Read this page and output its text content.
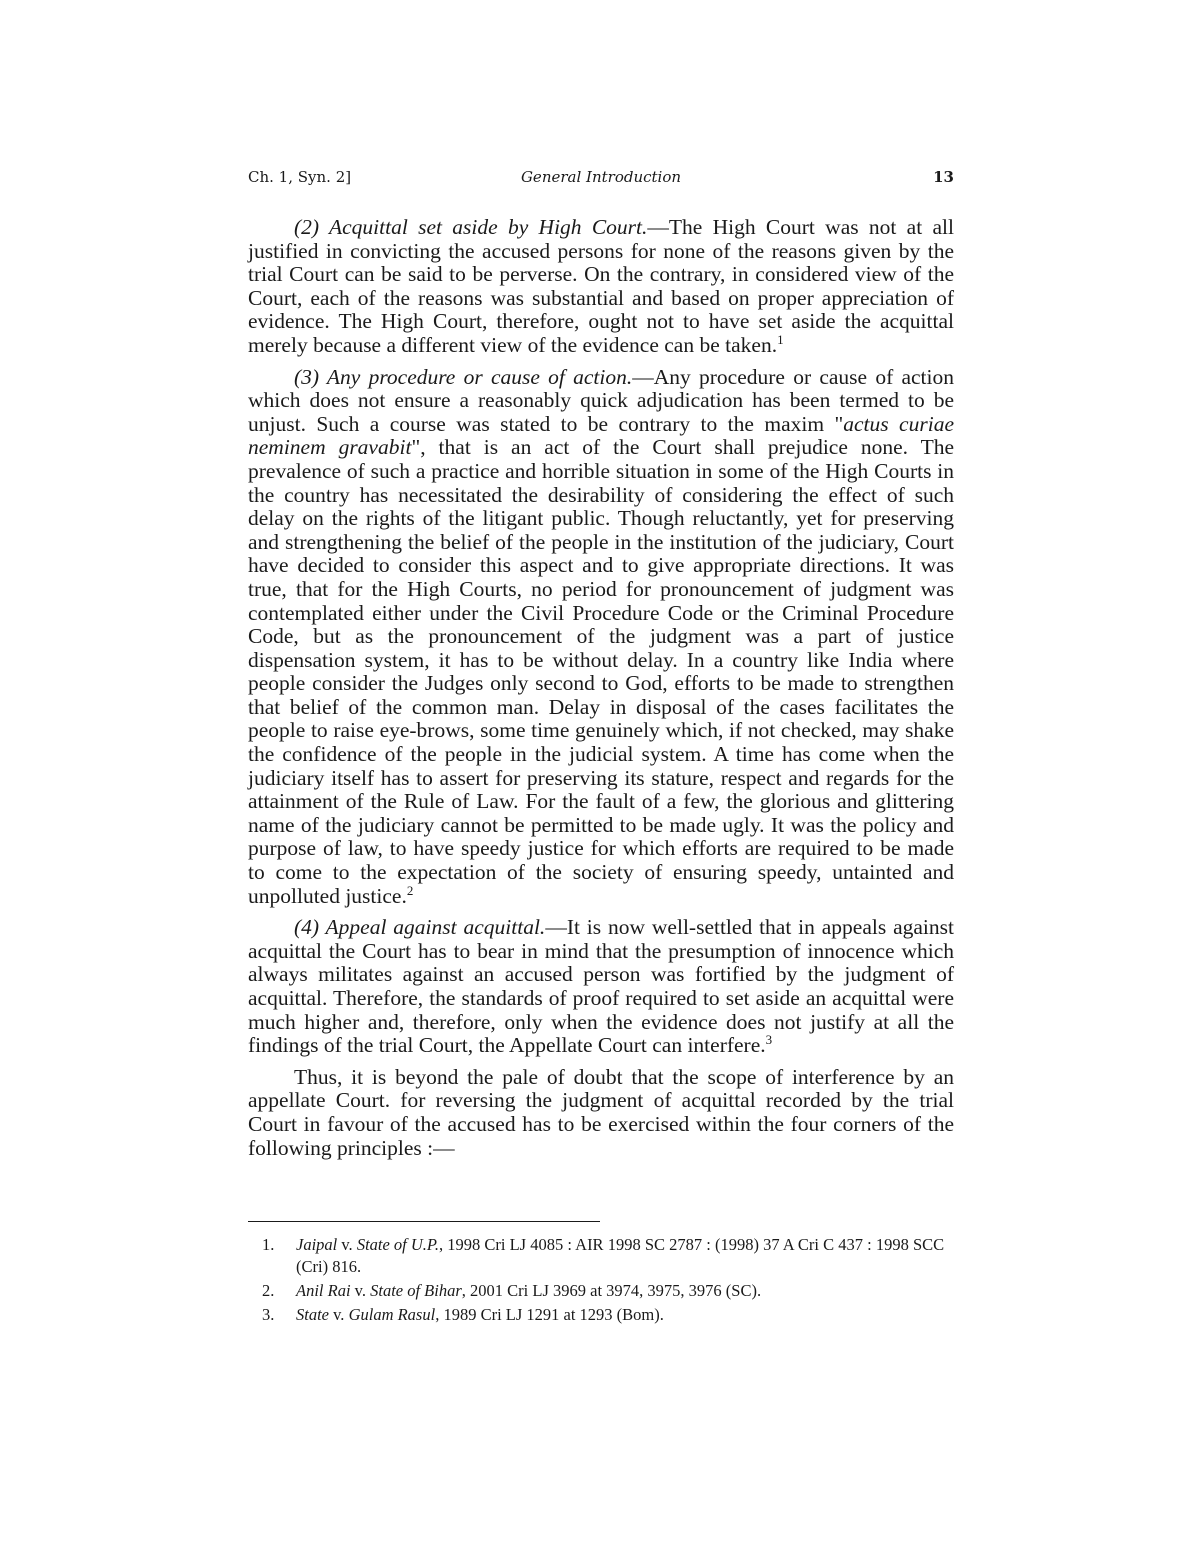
Ch. 1, Syn. 2]	General Introduction	13

(2) Acquittal set aside by High Court.—The High Court was not at all justified in convicting the accused persons for none of the reasons given by the trial Court can be said to be perverse. On the contrary, in considered view of the Court, each of the reasons was substantial and based on proper appreciation of evidence. The High Court, therefore, ought not to have set aside the acquittal merely because a different view of the evidence can be taken.$^1$

(3) Any procedure or cause of action.—Any procedure or cause of action which does not ensure a reasonably quick adjudication has been termed to be unjust. Such a course was stated to be contrary to the maxim "actus curiae neminem gravabit", that is an act of the Court shall prejudice none. The prevalence of such a practice and horrible situation in some of the High Courts in the country has necessitated the desirability of considering the effect of such delay on the rights of the litigant public. Though reluctantly, yet for preserving and strengthening the belief of the people in the institution of the judiciary, Court have decided to consider this aspect and to give appropriate directions. It was true, that for the High Courts, no period for pronouncement of judgment was contemplated either under the Civil Procedure Code or the Criminal Procedure Code, but as the pronouncement of the judgment was a part of justice dispensation system, it has to be without delay. In a country like India where people consider the Judges only second to God, efforts to be made to strengthen that belief of the common man. Delay in disposal of the cases facilitates the people to raise eye-brows, some time genuinely which, if not checked, may shake the confidence of the people in the judicial system. A time has come when the judiciary itself has to assert for preserving its stature, respect and regards for the attainment of the Rule of Law. For the fault of a few, the glorious and glittering name of the judiciary cannot be permitted to be made ugly. It was the policy and purpose of law, to have speedy justice for which efforts are required to be made to come to the expectation of the society of ensuring speedy, untainted and unpolluted justice.$^2$

(4) Appeal against acquittal.—It is now well-settled that in appeals against acquittal the Court has to bear in mind that the presumption of innocence which always militates against an accused person was fortified by the judgment of acquittal. Therefore, the standards of proof required to set aside an acquittal were much higher and, therefore, only when the evidence does not justify at all the findings of the trial Court, the Appellate Court can interfere.$^3$

Thus, it is beyond the pale of doubt that the scope of interference by an appellate Court. for reversing the judgment of acquittal recorded by the trial Court in favour of the accused has to be exercised within the four corners of the following principles :—

1.	Jaipal v. State of U.P., 1998 Cri LJ 4085 : AIR 1998 SC 2787 : (1998) 37 A Cri C 437 : 1998 SCC (Cri) 816.
2.	Anil Rai v. State of Bihar, 2001 Cri LJ 3969 at 3974, 3975, 3976 (SC).
3.	State v. Gulam Rasul, 1989 Cri LJ 1291 at 1293 (Bom).
